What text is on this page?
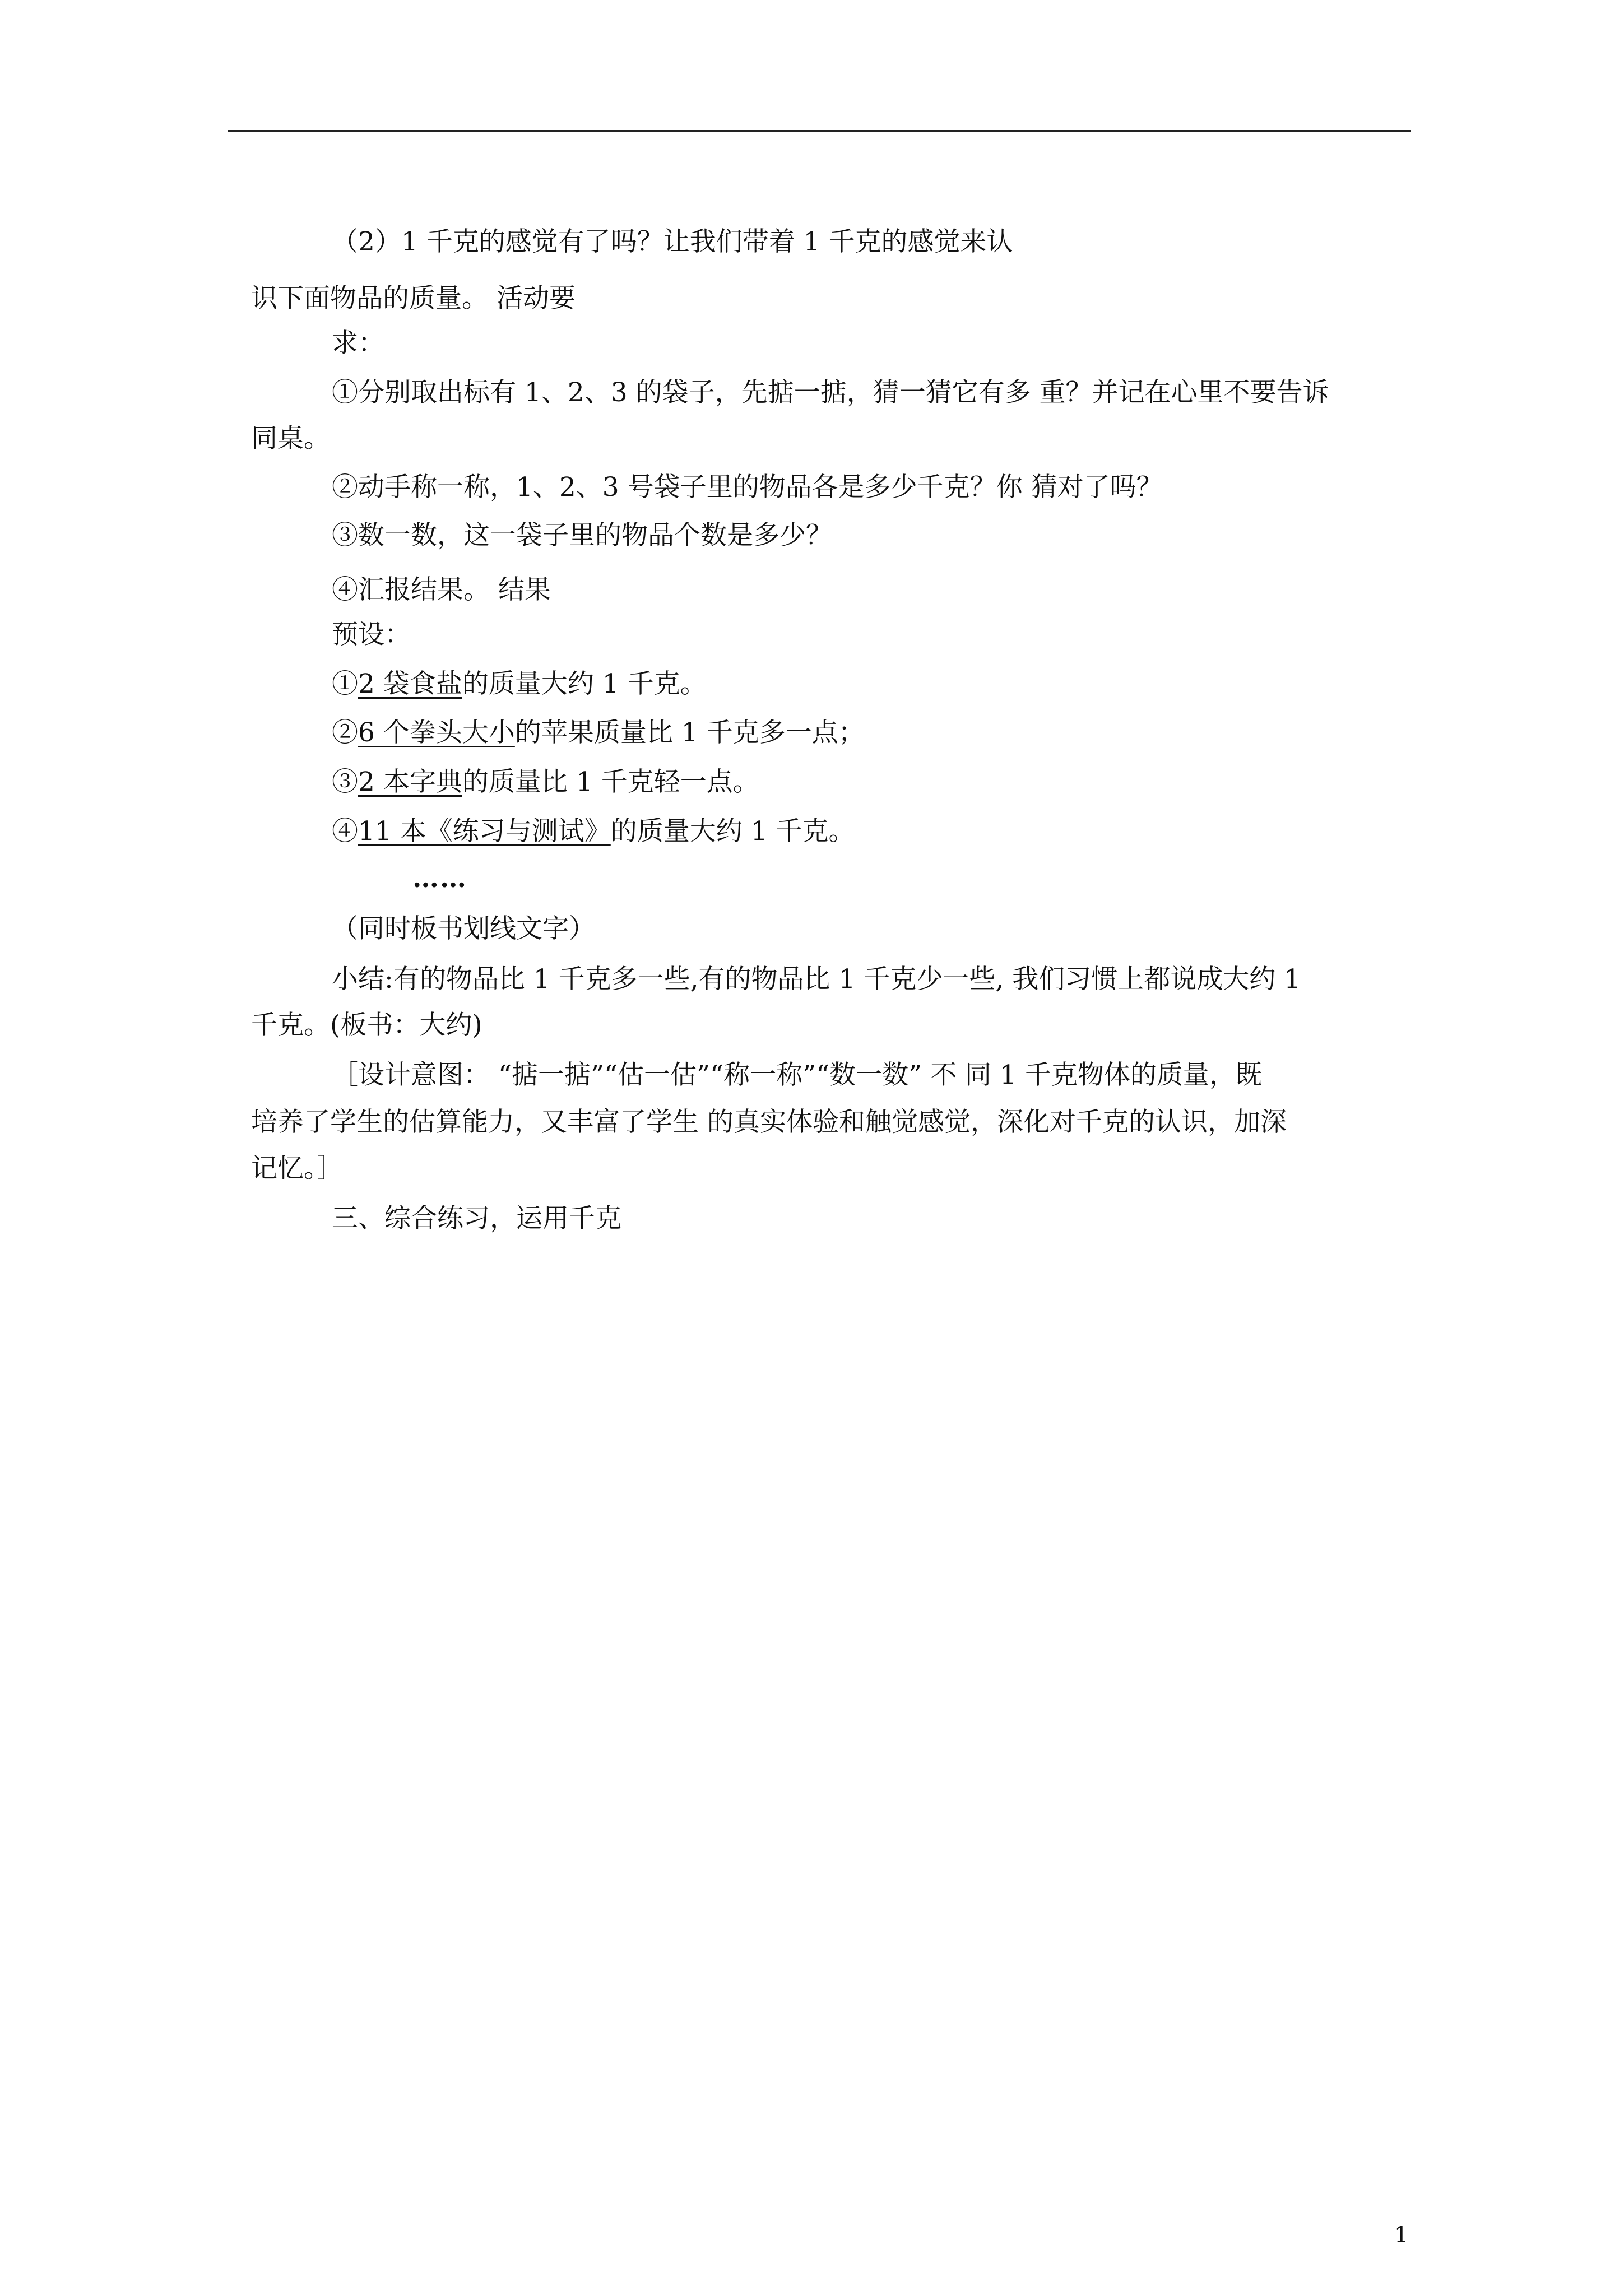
（2）1 千克的感觉有了吗？让我们带着 1 千克的感觉来认
识下面物品的质量。 活动要
求：
①分别取出标有 1、2、3 的袋子，先掂一掂，猜一猜它有多 重？并记在心里不要告诉
同桌。
②动手称一称，1、2、3 号袋子里的物品各是多少千克？你 猜对了吗？
③数一数，这一袋子里的物品个数是多少？
④汇报结果。 结果
预设：
①2 袋食盐的质量大约 1 千克。
②6 个拳头大小的苹果质量比 1 千克多一点；
③2 本字典的质量比 1 千克轻一点。
④11 本《练习与测试》的质量大约 1 千克。
……
（同时板书划线文字）
小结:有的物品比 1 千克多一些,有的物品比 1 千克少一些, 我们习惯上都说成大约 1
千克。(板书：大约)
［设计意图： “掂一掂”“估一估”“称一称”“数一数” 不 同 1 千克物体的质量，既
培养了学生的估算能力，又丰富了学生 的真实体验和触觉感觉，深化对千克的认识，加深
记忆。］
三、综合练习，运用千克
1
